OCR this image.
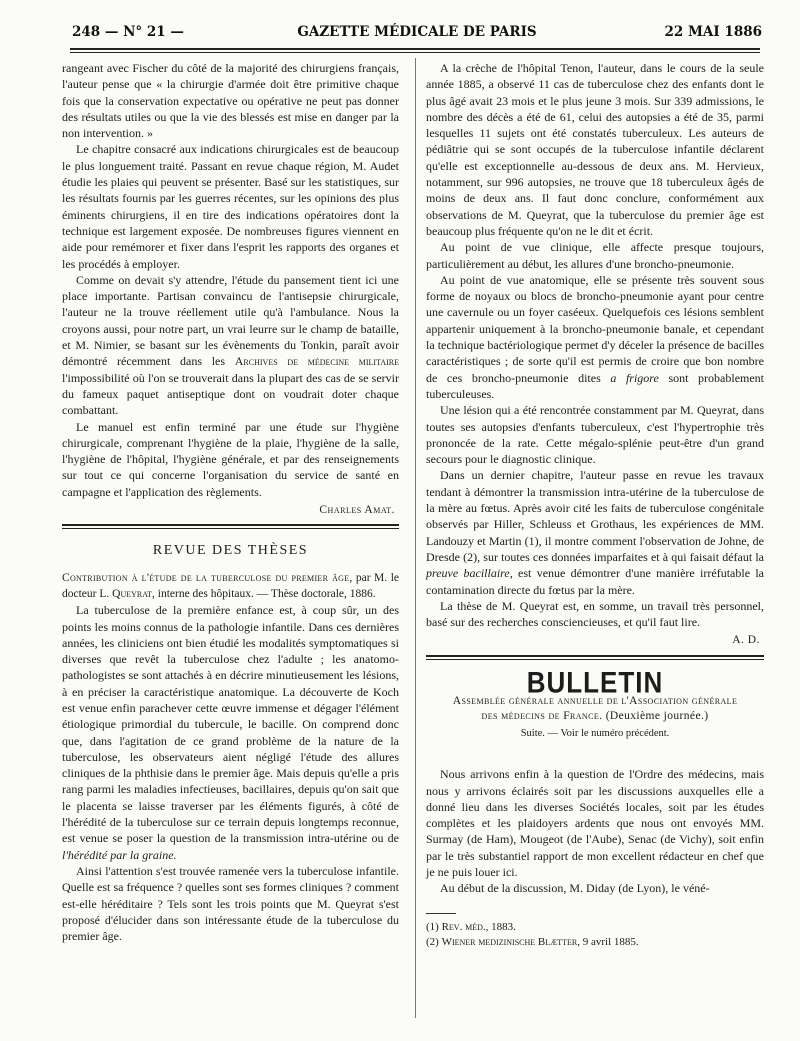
248 — N° 21 —	GAZETTE MÉDICALE DE PARIS	22 MAI 1886

rangeant avec Fischer du côté de la majorité des chirurgiens français, l'auteur pense que « la chirurgie d'armée doit être primitive chaque fois que la conservation expectative ou opérative ne peut pas donner des résultats utiles ou que la vie des blessés est mise en danger par la non intervention. »

Le chapitre consacré aux indications chirurgicales est de beaucoup le plus longuement traité. Passant en revue chaque région, M. Audet étudie les plaies qui peuvent se présenter. Basé sur les statistiques, sur les résultats fournis par les guerres récentes, sur les opinions des plus éminents chirurgiens, il en tire des indications opératoires dont la technique est largement exposée. De nombreuses figures viennent en aide pour remémorer et fixer dans l'esprit les rapports des organes et les procédés à employer.

Comme on devait s'y attendre, l'étude du pansement tient ici une place importante. Partisan convaincu de l'antisepsie chirurgicale, l'auteur ne la trouve réellement utile qu'à l'ambulance. Nous la croyons aussi, pour notre part, un vrai leurre sur le champ de bataille, et M. Nimier, se basant sur les évènements du Tonkin, paraît avoir démontré récemment dans les Archives de médecine militaire l'impossibilité où l'on se trouverait dans la plupart des cas de se servir du fameux paquet antiseptique dont on voudrait doter chaque combattant.

Le manuel est enfin terminé par une étude sur l'hygiène chirurgicale, comprenant l'hygiène de la plaie, l'hygiène de la salle, l'hygiène de l'hôpital, l'hygiène générale, et par des renseignements sur tout ce qui concerne l'organisation du service de santé en campagne et l'application des règlements.

Charles Amat.
REVUE DES THÈSES

Contribution à l'étude de la tuberculose du premier âge, par M. le docteur L. Queyrat, interne des hôpitaux. — Thèse doctorale, 1886.

La tuberculose de la première enfance est, à coup sûr, un des points les moins connus de la pathologie infantile. Dans ces dernières années, les cliniciens ont bien étudié les modalités symptomatiques si diverses que revêt la tuberculose chez l'adulte ; les anatomo-pathologistes se sont attachés à en décrire minutieusement les lésions, à en préciser la caractéristique anatomique. La découverte de Koch est venue enfin parachever cette œuvre immense et dégager l'élément étiologique primordial du tubercule, le bacille. On comprend donc que, dans l'agitation de ce grand problème de la nature de la tuberculose, les observateurs aient négligé l'étude des allures cliniques de la phthisie dans le premier âge. Mais depuis qu'elle a pris rang parmi les maladies infectieuses, bacillaires, depuis qu'on sait que le placenta se laisse traverser par les éléments figurés, à côté de l'hérédité de la tuberculose sur ce terrain depuis longtemps reconnue, est venue se poser la question de la transmission intra-utérine ou de l'hérédité par la graine.

Ainsi l'attention s'est trouvée ramenée vers la tuberculose infantile. Quelle est sa fréquence ? quelles sont ses formes cliniques ? comment est-elle héréditaire ? Tels sont les trois points que M. Queyrat s'est proposé d'élucider dans son intéressante étude de la tuberculose du premier âge.

A la crèche de l'hôpital Tenon, l'auteur, dans le cours de la seule année 1885, a observé 11 cas de tuberculose chez des enfants dont le plus âgé avait 23 mois et le plus jeune 3 mois. Sur 339 admissions, le nombre des décès a été de 61, celui des autopsies a été de 35, parmi lesquelles 11 sujets ont été constatés tuberculeux. Les auteurs de pédiâtrie qui se sont occupés de la tuberculose infantile déclarent qu'elle est exceptionnelle au-dessous de deux ans. M. Hervieux, notamment, sur 996 autopsies, ne trouve que 18 tuberculeux âgés de moins de deux ans. Il faut donc conclure, conformément aux observations de M. Queyrat, que la tuberculose du premier âge est beaucoup plus fréquente qu'on ne le dit et écrit.

Au point de vue clinique, elle affecte presque toujours, particulièrement au début, les allures d'une broncho-pneumonie.

Au point de vue anatomique, elle se présente très souvent sous forme de noyaux ou blocs de broncho-pneumonie ayant pour centre une cavernule ou un foyer caséeux. Quelquefois ces lésions semblent appartenir uniquement à la broncho-pneumonie banale, et cependant la technique bactériologique permet d'y déceler la présence de bacilles caractéristiques ; de sorte qu'il est permis de croire que bon nombre de ces broncho-pneumonie dites a frigore sont probablement tuberculeuses.

Une lésion qui a été rencontrée constamment par M. Queyrat, dans toutes ses autopsies d'enfants tuberculeux, c'est l'hypertrophie très prononcée de la rate. Cette mégalo-splénie peut-être d'un grand secours pour le diagnostic clinique.

Dans un dernier chapitre, l'auteur passe en revue les travaux tendant à démontrer la transmission intra-utérine de la tuberculose de la mère au fœtus. Après avoir cité les faits de tuberculose congénitale observés par Hiller, Schleuss et Grothaus, les expériences de MM. Landouzy et Martin (1), il montre comment l'observation de Johne, de Dresde (2), sur toutes ces données imparfaites et à qui faisait défaut la preuve bacillaire, est venue démontrer d'une manière irréfutable la contamination directe du fœtus par la mère.

La thèse de M. Queyrat est, en somme, un travail très personnel, basé sur des recherches consciencieuses, et qu'il faut lire.

A. D.
BULLETIN
Assemblée générale annuelle de l'Association générale
des médecins de France. (Deuxième journée.)
Suite. — Voir le numéro précédent.

Nous arrivons enfin à la question de l'Ordre des médecins, mais nous y arrivons éclairés soit par les discussions auxquelles elle a donné lieu dans les diverses Sociétés locales, soit par les études complètes et les plaidoyers ardents que nous ont envoyés MM. Surmay (de Ham), Mougeot (de l'Aube), Senac (de Vichy), soit enfin par le très substantiel rapport de mon excellent rédacteur en chef que je ne puis louer ici.

Au début de la discussion, M. Diday (de Lyon), le véné-

(1) Rev. méd., 1883.

(2) Wiener medizinische Blætter, 9 avril 1885.
